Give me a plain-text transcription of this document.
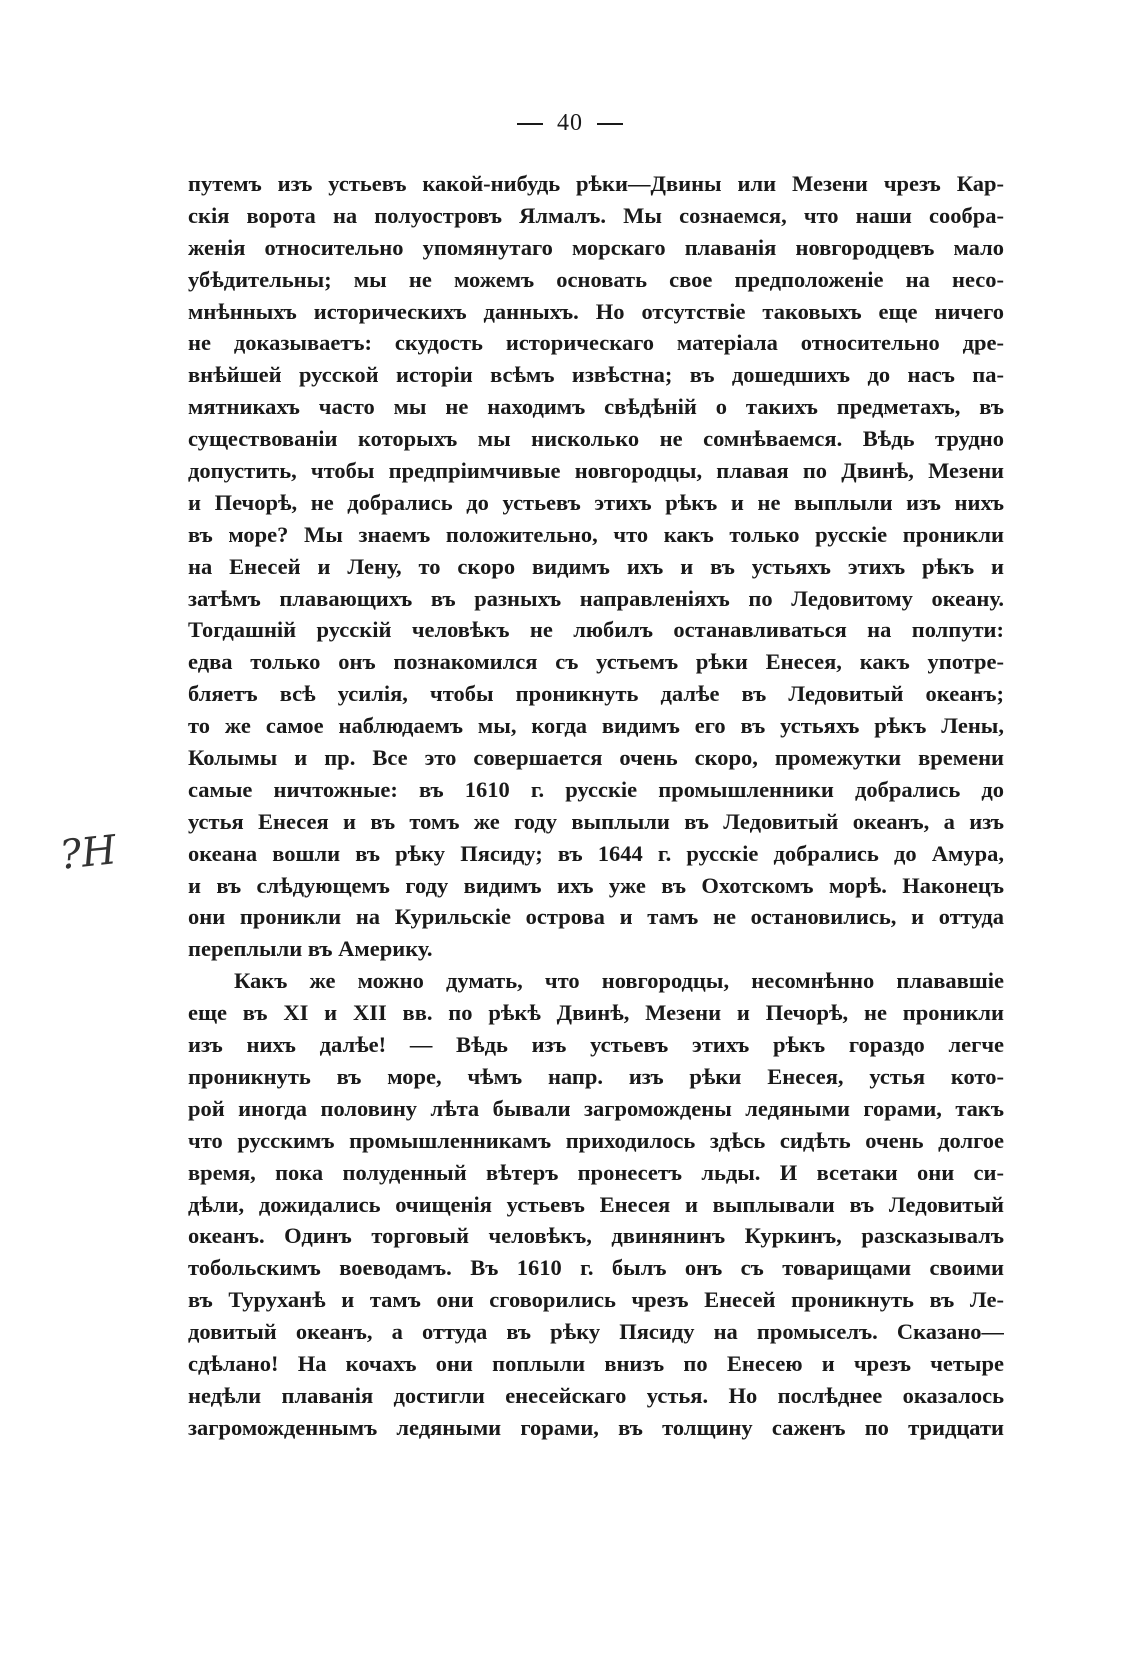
40
?H
путемъ изъ устьевъ какой-нибудь рѣки—Двины или Мезени чрезъ Кар-
скія ворота на полуостровъ Ялмалъ. Мы сознаемся, что наши сообра-
женія относительно упомянутаго морскаго плаванія новгородцевъ мало
убѣдительны; мы не можемъ основать свое предположеніе на несо-
мнѣнныхъ историческихъ данныхъ. Но отсутствіе таковыхъ еще ничего
не доказываетъ: скудость историческаго матеріала относительно дре-
внѣйшей русской исторіи всѣмъ извѣстна; въ дошедшихъ до насъ па-
мятникахъ часто мы не находимъ свѣдѣній о такихъ предметахъ, въ
существованіи которыхъ мы нисколько не сомнѣваемся. Вѣдь трудно
допустить, чтобы предпріимчивые новгородцы, плавая по Двинѣ, Мезени
и Печорѣ, не добрались до устьевъ этихъ рѣкъ и не выплыли изъ нихъ
въ море? Мы знаемъ положительно, что какъ только русскіе проникли
на Енесей и Лену, то скоро видимъ ихъ и въ устьяхъ этихъ рѣкъ и
затѣмъ плавающихъ въ разныхъ направленіяхъ по Ледовитому океану.
Тогдашній русскій человѣкъ не любилъ останавливаться на полпути:
едва только онъ познакомился съ устьемъ рѣки Енесея, какъ употре-
бляетъ всѣ усилія, чтобы проникнуть далѣе въ Ледовитый океанъ;
то же самое наблюдаемъ мы, когда видимъ его въ устьяхъ рѣкъ Лены,
Колымы и пр. Все это совершается очень скоро, промежутки времени
самые ничтожные: въ 1610 г. русскіе промышленники добрались до
устья Енесея и въ томъ же году выплыли въ Ледовитый океанъ, а изъ
океана вошли въ рѣку Пясиду; въ 1644 г. русскіе добрались до Амура,
и въ слѣдующемъ году видимъ ихъ уже въ Охотскомъ морѣ. Наконецъ
они проникли на Курильскіе острова и тамъ не остановились, и оттуда
переплыли въ Америку.
Какъ же можно думать, что новгородцы, несомнѣнно плававшіе
еще въ XI и XII вв. по рѣкѣ Двинѣ, Мезени и Печорѣ, не проникли
изъ нихъ далѣе! — Вѣдь изъ устьевъ этихъ рѣкъ гораздо легче
проникнуть въ море, чѣмъ напр. изъ рѣки Енесея, устья кото-
рой иногда половину лѣта бывали загромождены ледяными горами, такъ
что русскимъ промышленникамъ приходилось здѣсь сидѣть очень долгое
время, пока полуденный вѣтеръ пронесетъ льды. И всетаки они си-
дѣли, дожидались очищенія устьевъ Енесея и выплывали въ Ледовитый
океанъ. Одинъ торговый человѣкъ, двинянинъ Куркинъ, разсказывалъ
тобольскимъ воеводамъ. Въ 1610 г. былъ онъ съ товарищами своими
въ Туруханѣ и тамъ они сговорились чрезъ Енесей проникнуть въ Ле-
довитый океанъ, а оттуда въ рѣку Пясиду на промыселъ. Сказано—
сдѣлано! На кочахъ они поплыли внизъ по Енесею и чрезъ четыре
недѣли плаванія достигли енесейскаго устья. Но послѣднее оказалось
загроможденнымъ ледяными горами, въ толщину саженъ по тридцати
